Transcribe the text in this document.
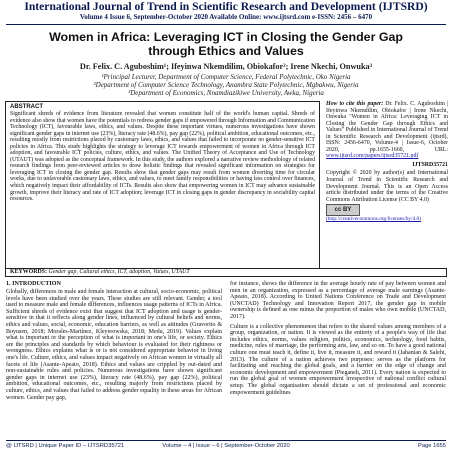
International Journal of Trend in Scientific Research and Development (IJTSRD)
Volume 4 Issue 6, September-October 2020 Available Online: www.ijtsrd.com e-ISSN: 2456 – 6470
Women in Africa: Leveraging ICT in Closing the Gender Gap through Ethics and Values
Dr. Felix. C. Aguboshim¹; Ifeyinwa Nkemdilim, Obiokafor²; Irene Nkechi, Onwuka³
¹Principal Lecturer, Department of Computer Science, Federal Polytechnic, Oko Nigeria
²Department of Computer Science Technology, Anambra State Polytechnic, Mgbakwu, Nigeria
³Department of Economics, Nnamdiazikiwe University, Awka, Nigeria
ABSTRACT

Significant shreds of evidence from literature revealed that women constitute half of the world's human capital. Shreds of evidence also show that women have the potentials to redress gender gaps if empowered through Information and Communication Technology (ICT), favourable laws, ethics, and values. Despite these important virtues, numerous investigations have shown significant gender gaps in internet use (23%), literacy rate (48.6%), pay gap (22%), political ambition, educational outcomes, etc., resulting mostly from restrictions placed by customary laws, ethics, and values that failed to incorporate no gender-sensitive ICT policies in Africa. This study highlights the strategy to leverage ICT towards empowerment of women in Africa through ICT adoption, and favourable ICT policies, culture, ethics, and values. The Unified Theory of Acceptance and Use of Technology (UTAUT) was adopted as the conceptual framework. In this study, the authors explored a narrative review methodology of related research findings from peer-reviewed articles to draw holistic findings that revealed significant information on strategies for leveraging ICT in closing the gender gap. Results show that gender gaps may result from women diverting time for circular works, due to unfavorable customary laws, ethics, and values, to meet family responsibilities or having less control over finances, which negatively impact their affordability of ICTs. Results also show that empowering women in ICT may advance sustainable growth, improve their literacy and rate of ICT adoption; leverage ICT in closing gaps in gender discrepancy in sociability capital resources.

How to cite this paper: Dr. Felix. C. Aguboshim | Ifeyinwa Nkemdilim, Obiokafor | Irene Nkechi, Onwuka "Women in Africa: Leveraging ICT in Closing the Gender Gap through Ethics and Values" Published in International Journal of Trend in Scientific Research and Development (ijtsrd), ISSN: 2456-6470, Volume-4 | Issue-6, October 2020, pp.1655-1660, URL: www.ijtsrd.com/papers/ijtsrd35721.pdf
IJTSRD35721
Copyright © 2020 by author(s) and International Journal of Trend in Scientific Research and Development Journal. This is an Open Access article distributed under the terms of the Creative Commons Attribution License (CC BY 4.0)
cc BY
(http://creativecommons.org/licenses/by/4.0)
KEYWORDS: Gender gap, Cultural ethics, ICT, adoption, Values, UTAUT
1. INTRODUCTION
Globally, differences in male and female interaction at cultural, socio-economic, political levels have been studied over the years. These studies are still relevant. Gender, a tool used to measure male and female differences, influences usage patterns of ICTs in Africa. Sufficient shreds of evidence exist that suggest that ICT adoption and usage is gender-sensitive in that it reflects along gender lines, influenced by cultural beliefs and norms, ethics and values, social, economic, education barriers, as well as attitudes (Gravorito & Boyusen, 2018; Morales-Martínez, Kleyerowska, 2018; Medu, 2019). Values explain what is important or the perception of what is important in one's life, or society. Ethics are the principles and standards by which behaviour is evaluated for their rightness or wrongness. Ethics explains what is or is not considered appropriate behavior in living one's life. Culture, ethics, and values impact negatively on African women in virtually all facets of life (Asante-Apeato, 2018). Ethics and values are crippled by out-dated and non-sustainable rules and policies. Numerous investigations have shown significant gender gaps in internet use (23%), literacy rate (48.6%), pay gap (22%), political ambition, educational outcomes, etc., resulting majorly from restrictions placed by culture, ethics, and values that failed to address gender equality in these areas for African women. Gender pay gap,

for instance, shows the difference in the average hourly rate of pay between women and men in an organization, expressed as a percentage of average male earnings (Asante-Apeato, 2018). According to United Nations Conference on Trade and Development (UNCTAD) Technology and Innovation Report 2017, the gender gap in mobile ownership is defined as one minus the proportion of males who own mobile (UNCTAD, 2017).

Culture is a collective phenomenon that refers to the shared values among members of a group, organization, or nation. It is viewed as the entirety of a people's way of life that includes ethics, norms, values religion, politics, economics, technology, food habits, medicine, rules of marriage, the performing arts, law, and so on. To have a good national culture one must teach it, define it, live it, measure it, and reward it (Jahanian & Salehi, 2013). The culture of a nation achieves two purposes: serves as the platform for facilitating and reaching the global goals, and a barrier on the edge of change and economic development and empowerment (Pieganeh, 2011). Every nation is expected to run the global goal of women empowerment irrespective of national conflict cultural setup. The global organisation should dictate a set of professional and economic empowerment guidelines

@ IJTSRD | Unique Paper ID – IJTSRD35721	Volume – 4 | Issue – 6 | September-October 2020	Page 1655
